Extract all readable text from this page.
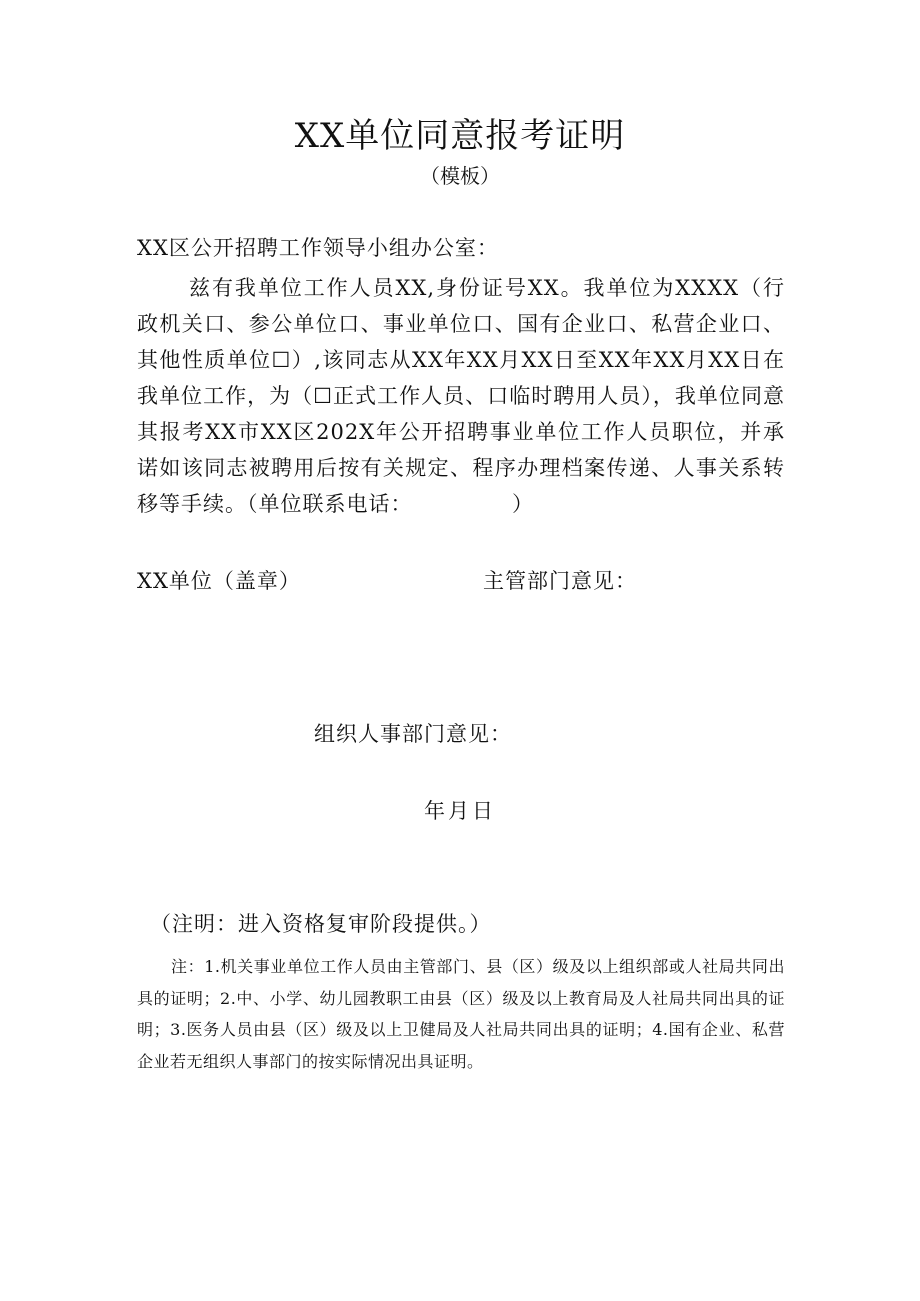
XX单位同意报考证明
（模板）
XX区公开招聘工作领导小组办公室：
兹有我单位工作人员XX,身份证号XX。我单位为XXXX（行政机关口、参公单位口、事业单位口、国有企业口、私营企业口、其他性质单位☐）,该同志从XX年XX月XX日至XX年XX月XX日在我单位工作，为（☐正式工作人员、口临时聘用人员），我单位同意其报考XX市XX区202X年公开招聘事业单位工作人员职位，并承诺如该同志被聘用后按有关规定、程序办理档案传递、人事关系转移等手续。（单位联系电话：　　　　　）
XX单位（盖章）	主管部门意见：
组织人事部门意见：
年月日
（注明：进入资格复审阶段提供。）
注：1.机关事业单位工作人员由主管部门、县（区）级及以上组织部或人社局共同出具的证明；2.中、小学、幼儿园教职工由县（区）级及以上教育局及人社局共同出具的证明；3.医务人员由县（区）级及以上卫健局及人社局共同出具的证明；4.国有企业、私营企业若无组织人事部门的按实际情况出具证明。
